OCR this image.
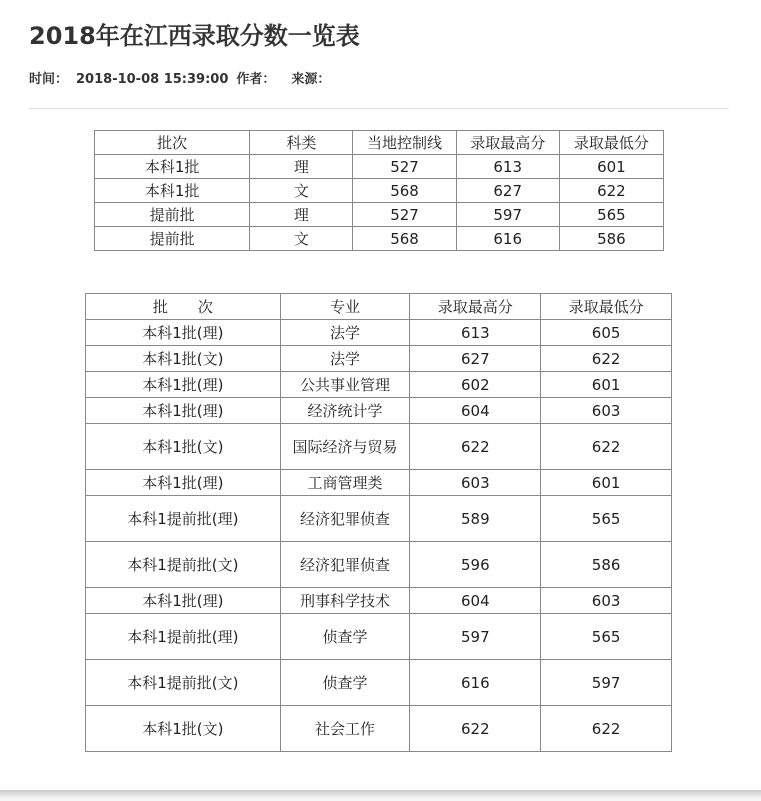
2018年在江西录取分数一览表
时间： 2018-10-08 15:39:00 作者： 来源：
批次	科类	当地控制线	录取最高分	录取最低分
本科1批	理	527	613	601
本科1批	文	568	627	622
提前批	理	527	597	565
提前批	文	568	616	586
批　　次	专业	录取最高分	录取最低分
本科1批(理)	法学	613	605
本科1批(文)	法学	627	622
本科1批(理)	公共事业管理	602	601
本科1批(理)	经济统计学	604	603
本科1批(文)	国际经济与贸易	622	622
本科1批(理)	工商管理类	603	601
本科1提前批(理)	经济犯罪侦查	589	565
本科1提前批(文)	经济犯罪侦查	596	586
本科1批(理)	刑事科学技术	604	603
本科1提前批(理)	侦查学	597	565
本科1提前批(文)	侦查学	616	597
本科1批(文)	社会工作	622	622
